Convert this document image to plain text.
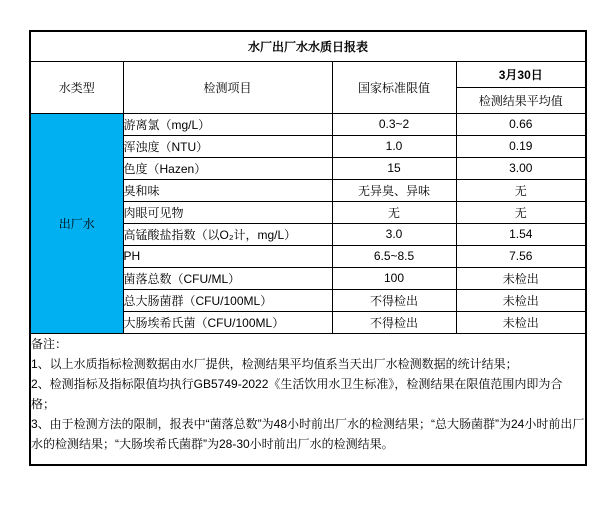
水厂出厂水水质日报表			
水类型	检测项目	国家标准限值	3月30日
			检测结果平均值
出厂水	游离氯（mg/L）	0.3~2	0.66
	浑浊度（NTU）	1.0	0.19
	色度（Hazen）	15	3.00
	臭和味	无异臭、异味	无
	肉眼可见物	无	无
	高锰酸盐指数（以O₂计，mg/L）	3.0	1.54
	PH	6.5~8.5	7.56
	菌落总数（CFU/ML）	100	未检出
	总大肠菌群（CFU/100ML）	不得检出	未检出
	大肠埃希氏菌（CFU/100ML）	不得检出	未检出

备注：

1、以上水质指标检测数据由水厂提供，检测结果平均值系当天出厂水检测数据的统计结果；

2、检测指标及指标限值均执行GB5749-2022《生活饮用水卫生标准》，检测结果在限值范围内即为合格；

3、由于检测方法的限制，报表中“菌落总数”为48小时前出厂水的检测结果；“总大肠菌群”为24小时前出厂水的检测结果；“大肠埃希氏菌群”为28-30小时前出厂水的检测结果。			
